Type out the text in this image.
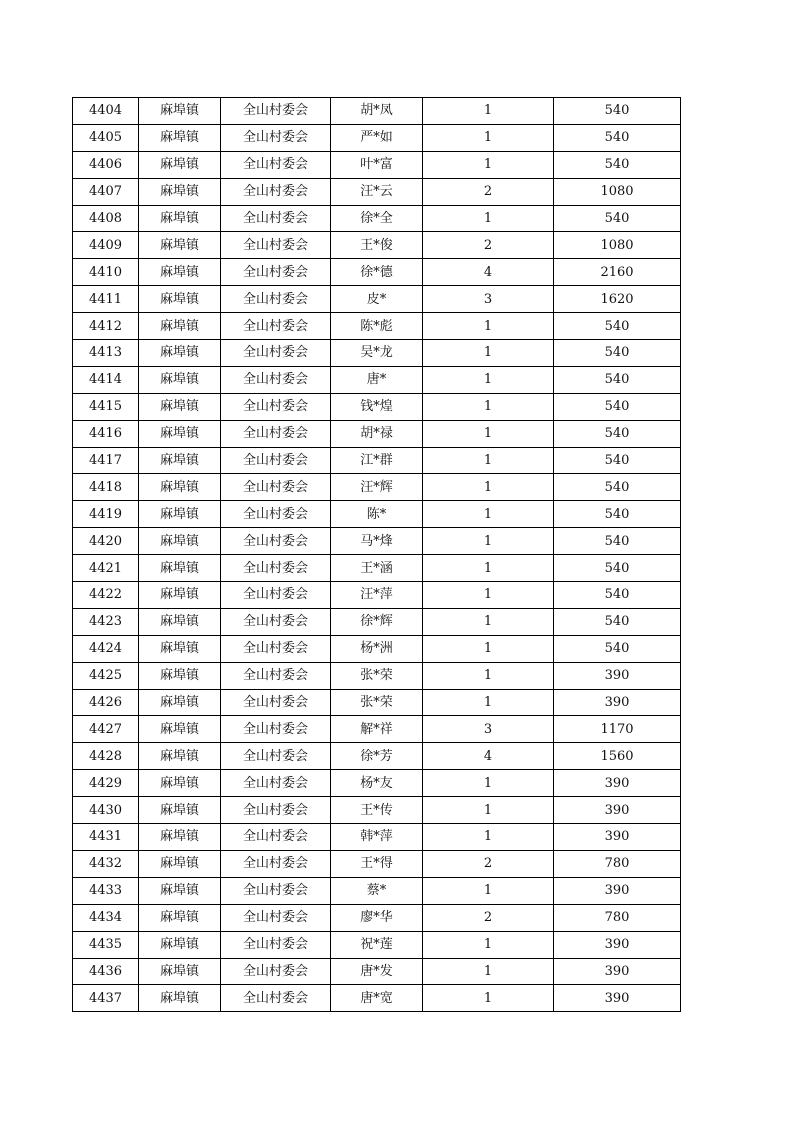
4404	麻埠镇	全山村委会	胡*凤	1	540
4405	麻埠镇	全山村委会	严*如	1	540
4406	麻埠镇	全山村委会	叶*富	1	540
4407	麻埠镇	全山村委会	汪*云	2	1080
4408	麻埠镇	全山村委会	徐*全	1	540
4409	麻埠镇	全山村委会	王*俊	2	1080
4410	麻埠镇	全山村委会	徐*德	4	2160
4411	麻埠镇	全山村委会	皮*	3	1620
4412	麻埠镇	全山村委会	陈*彪	1	540
4413	麻埠镇	全山村委会	吴*龙	1	540
4414	麻埠镇	全山村委会	唐*	1	540
4415	麻埠镇	全山村委会	钱*煌	1	540
4416	麻埠镇	全山村委会	胡*禄	1	540
4417	麻埠镇	全山村委会	江*群	1	540
4418	麻埠镇	全山村委会	汪*辉	1	540
4419	麻埠镇	全山村委会	陈*	1	540
4420	麻埠镇	全山村委会	马*烽	1	540
4421	麻埠镇	全山村委会	王*涵	1	540
4422	麻埠镇	全山村委会	汪*萍	1	540
4423	麻埠镇	全山村委会	徐*辉	1	540
4424	麻埠镇	全山村委会	杨*洲	1	540
4425	麻埠镇	全山村委会	张*荣	1	390
4426	麻埠镇	全山村委会	张*荣	1	390
4427	麻埠镇	全山村委会	解*祥	3	1170
4428	麻埠镇	全山村委会	徐*芳	4	1560
4429	麻埠镇	全山村委会	杨*友	1	390
4430	麻埠镇	全山村委会	王*传	1	390
4431	麻埠镇	全山村委会	韩*萍	1	390
4432	麻埠镇	全山村委会	王*得	2	780
4433	麻埠镇	全山村委会	蔡*	1	390
4434	麻埠镇	全山村委会	廖*华	2	780
4435	麻埠镇	全山村委会	祝*莲	1	390
4436	麻埠镇	全山村委会	唐*发	1	390
4437	麻埠镇	全山村委会	唐*宽	1	390
